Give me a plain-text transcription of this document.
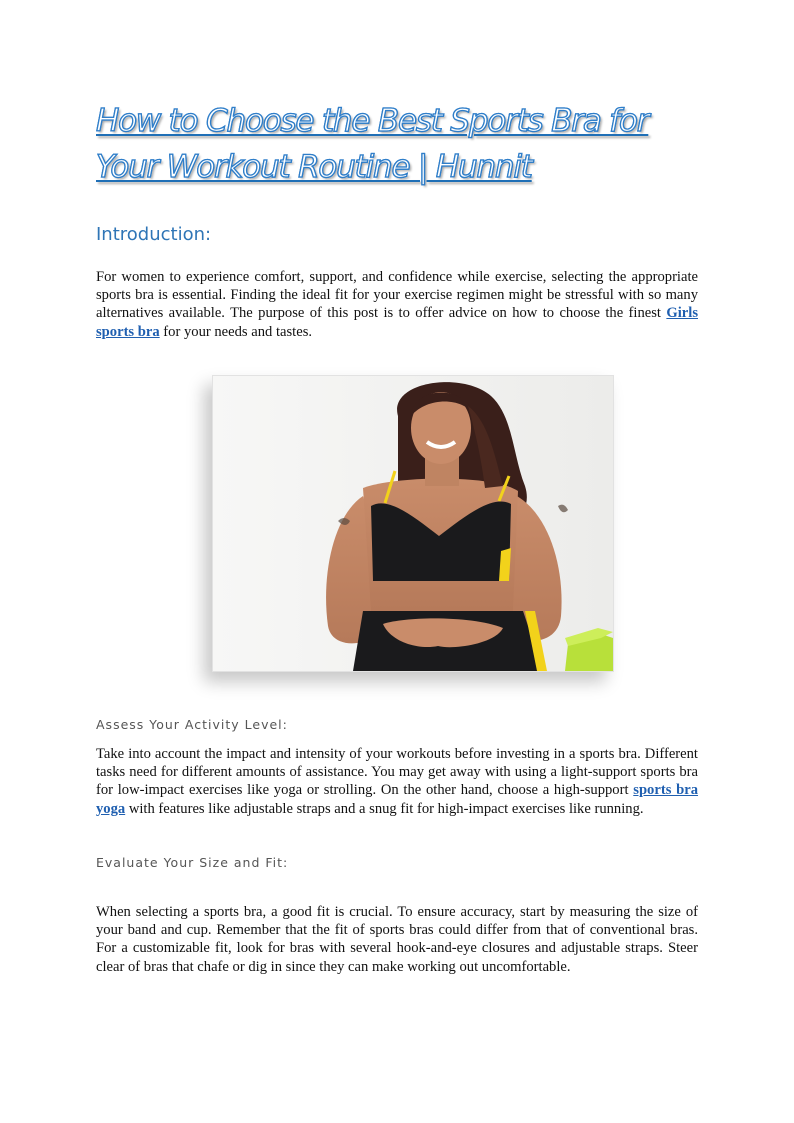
How to Choose the Best Sports Bra for Your Workout Routine | Hunnit
Introduction:

For women to experience comfort, support, and confidence while exercise, selecting the appropriate sports bra is essential. Finding the ideal fit for your exercise regimen might be stressful with so many alternatives available. The purpose of this post is to offer advice on how to choose the finest Girls sports bra for your needs and tastes.

Assess Your Activity Level:

Take into account the impact and intensity of your workouts before investing in a sports bra. Different tasks need for different amounts of assistance. You may get away with using a light-support sports bra for low-impact exercises like yoga or strolling. On the other hand, choose a high-support sports bra yoga with features like adjustable straps and a snug fit for high-impact exercises like running.

Evaluate Your Size and Fit:

When selecting a sports bra, a good fit is crucial. To ensure accuracy, start by measuring the size of your band and cup. Remember that the fit of sports bras could differ from that of conventional bras. For a customizable fit, look for bras with several hook-and-eye closures and adjustable straps. Steer clear of bras that chafe or dig in since they can make working out uncomfortable.
